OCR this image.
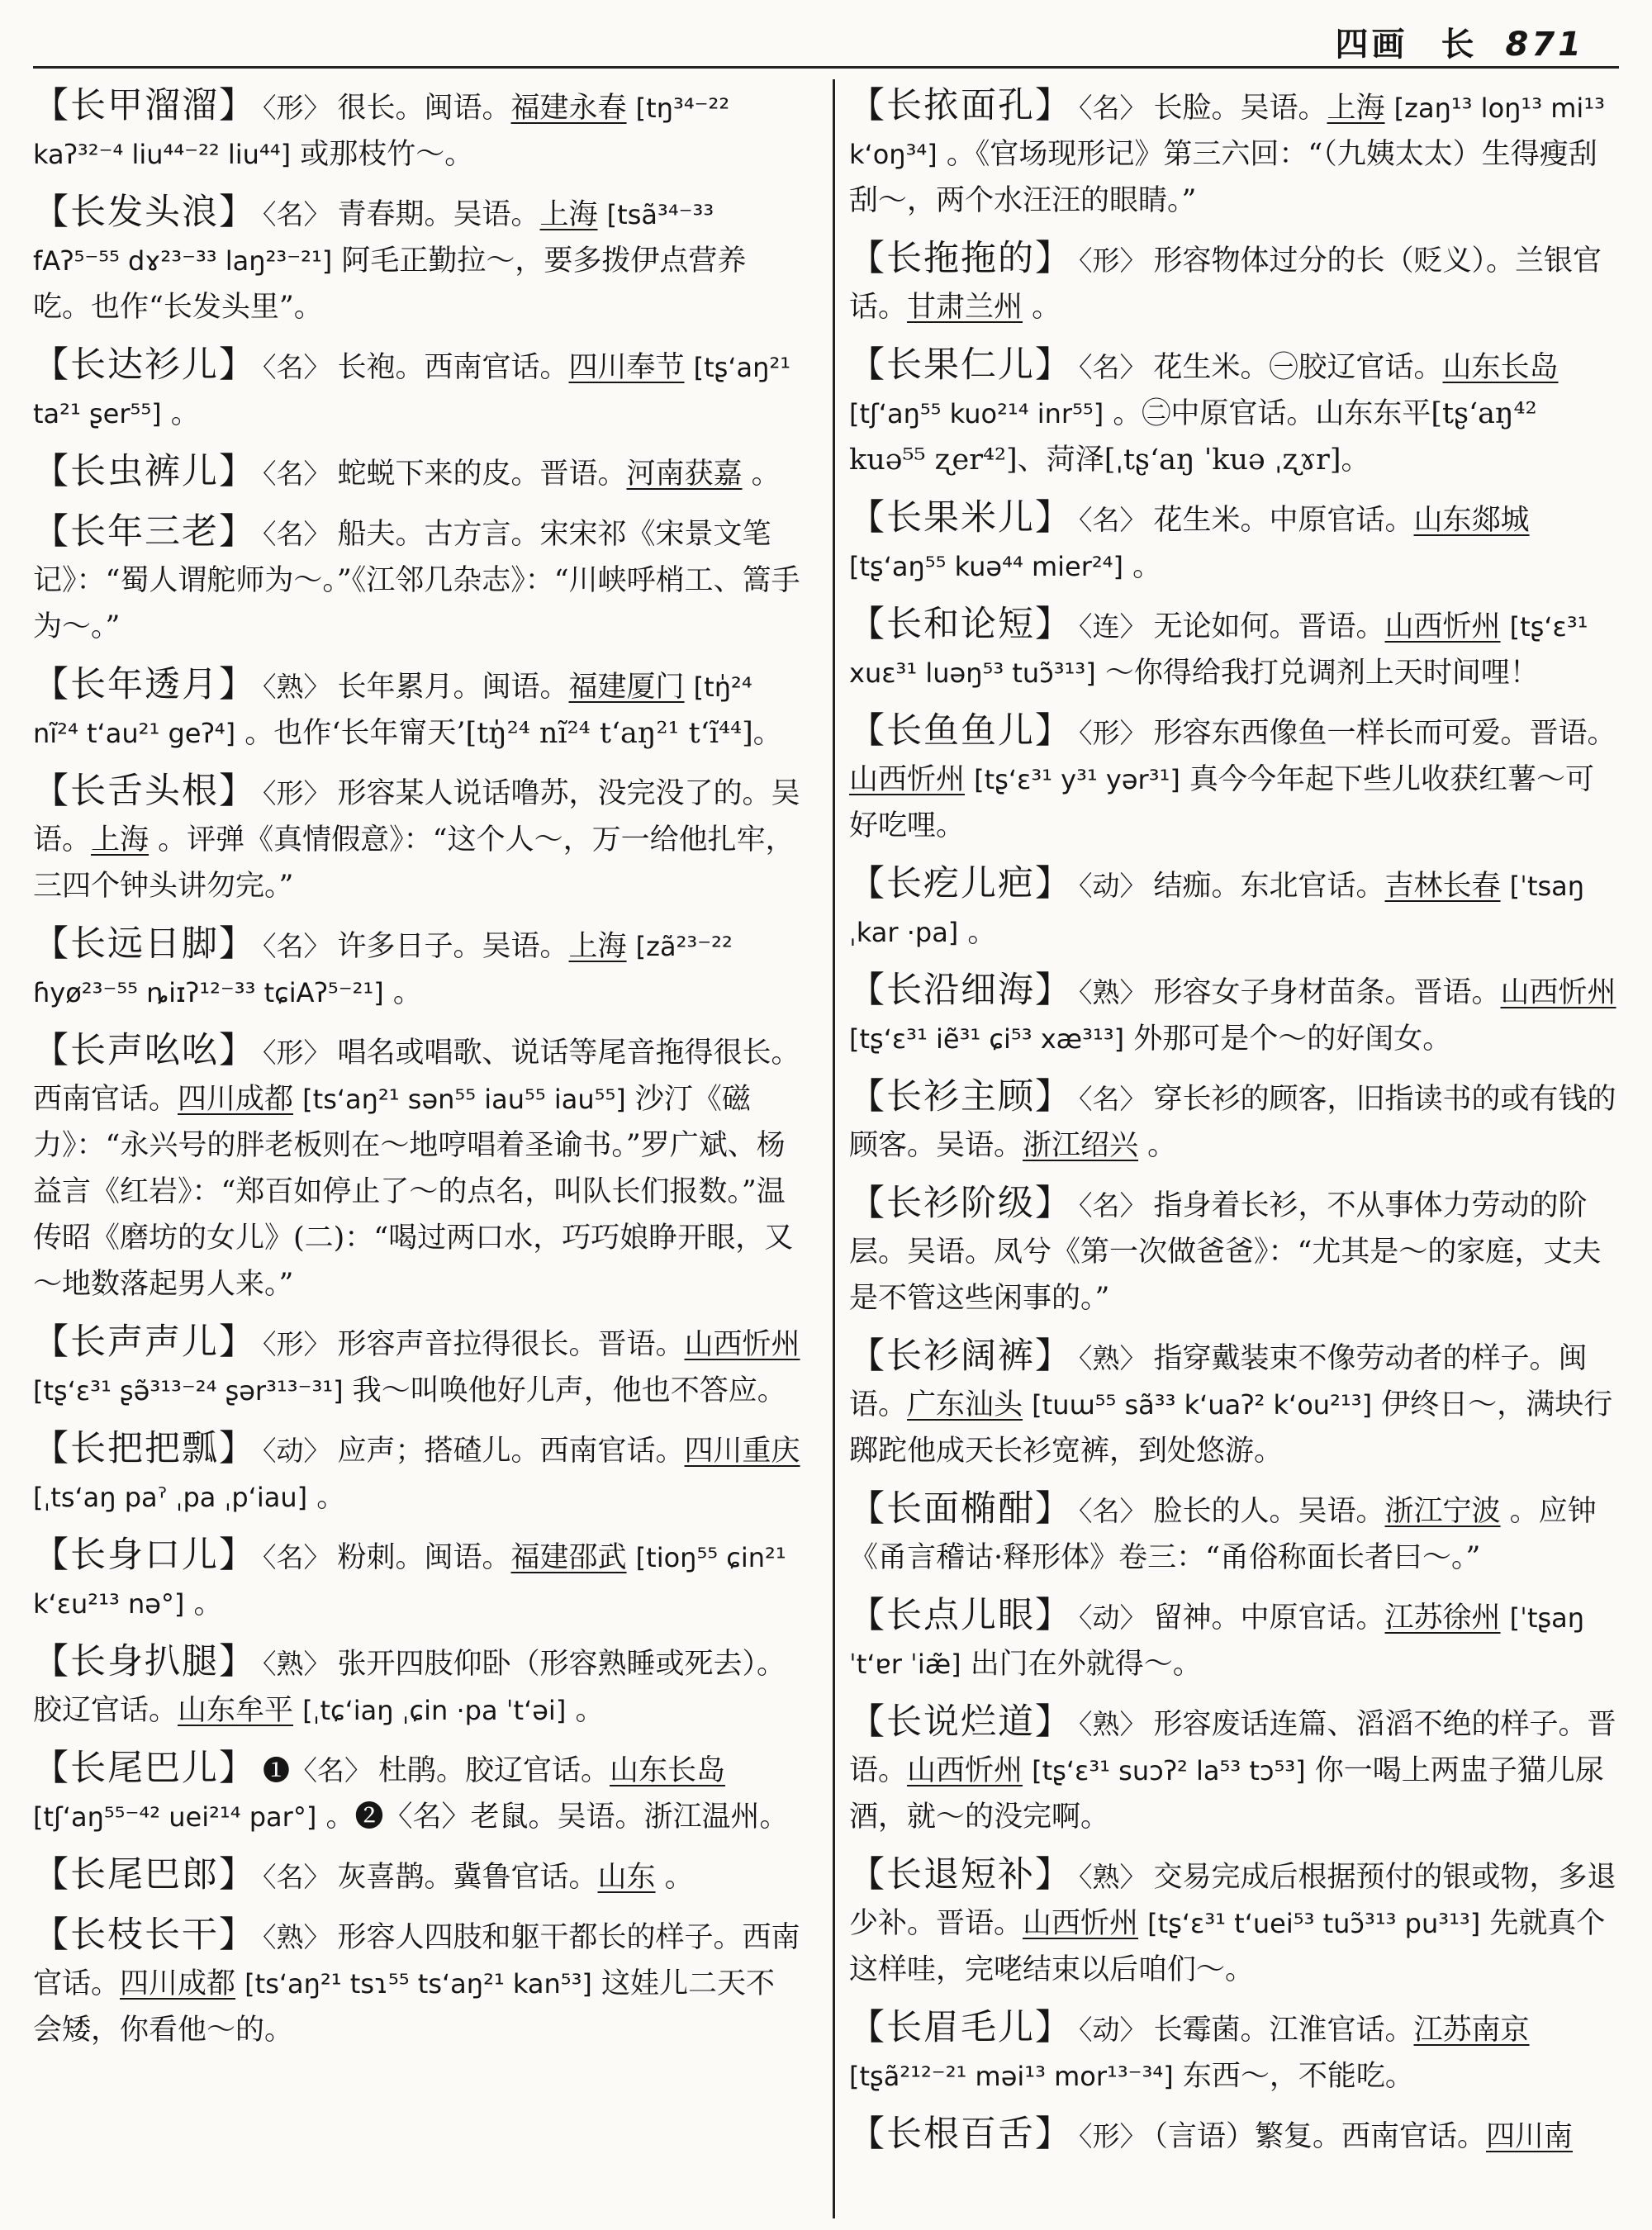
四画 长 871
【长甲溜溜】 〈形〉 很长。闽语。福建永春 [tŋ³⁴⁻²² kaʔ³²⁻⁴ liu⁴⁴⁻²² liu⁴⁴] 或那枝竹～。
【长发头浪】 〈名〉 青春期。吴语。上海 [tsã³⁴⁻³³ fAʔ⁵⁻⁵⁵ dɤ²³⁻³³ laŋ²³⁻²¹] 阿毛正勤拉～，要多拨伊点营养吃。也作“长发头里”。
【长达衫儿】 〈名〉 长袍。西南官话。四川奉节 [tʂʻaŋ²¹ ta²¹ ʂer⁵⁵] 。
【长虫裤儿】 〈名〉 蛇蜕下来的皮。晋语。河南获嘉 。
【长年三老】 〈名〉 船夫。古方言。宋宋祁《宋景文笔记》：“蜀人谓舵师为～。”《江邻几杂志》：“川峡呼梢工、篙手为～。”
【长年透月】 〈熟〉 长年累月。闽语。福建厦门 [tŋ̍²⁴ nĩ²⁴ tʻau²¹ geʔ⁴] 。也作‘长年甯天’[tŋ̍²⁴ nĩ²⁴ tʻaŋ²¹ tʻĩ⁴⁴]。
【长舌头根】 〈形〉 形容某人说话噜苏，没完没了的。吴语。上海 。评弹《真情假意》：“这个人～，万一给他扎牢，三四个钟头讲勿完。”
【长远日脚】 〈名〉 许多日子。吴语。上海 [zã²³⁻²² ɦyø²³⁻⁵⁵ ȵiɪʔ¹²⁻³³ tɕiAʔ⁵⁻²¹] 。
【长声吆吆】 〈形〉 唱名或唱歌、说话等尾音拖得很长。西南官话。四川成都 [tsʻaŋ²¹ sən⁵⁵ iau⁵⁵ iau⁵⁵] 沙汀《磁力》：“永兴号的胖老板则在～地哼唱着圣谕书。”罗广斌、杨益言《红岩》：“郑百如停止了～的点名，叫队长们报数。”温传昭《磨坊的女儿》(二)：“喝过两口水，巧巧娘睁开眼，又～地数落起男人来。”
【长声声儿】 〈形〉 形容声音拉得很长。晋语。山西忻州 [tʂʻɛ³¹ ʂə̃³¹³⁻²⁴ ʂər³¹³⁻³¹] 我～叫唤他好儿声，他也不答应。
【长把把瓢】 〈动〉 应声；搭碴儿。西南官话。四川重庆 [ˌtsʻaŋ paˀ ˌpa ˌpʻiau] 。
【长身口儿】 〈名〉 粉刺。闽语。福建邵武 [tioŋ⁵⁵ ɕin²¹ kʻɛu²¹³ nə°] 。
【长身扒腿】 〈熟〉 张开四肢仰卧（形容熟睡或死去）。胶辽官话。山东牟平 [ˌtɕʻiaŋ ˌɕin ·pa ˈtʻəi] 。
【长尾巴儿】 ❶〈名〉 杜鹃。胶辽官话。山东长岛 [tʃʻaŋ⁵⁵⁻⁴² uei²¹⁴ par°] 。❷〈名〉老鼠。吴语。浙江温州。
【长尾巴郎】 〈名〉 灰喜鹊。冀鲁官话。山东 。
【长枝长干】 〈熟〉 形容人四肢和躯干都长的样子。西南官话。四川成都 [tsʻaŋ²¹ tsɿ⁵⁵ tsʻaŋ²¹ kan⁵³] 这娃儿二天不会矮，你看他～的。
【长挔面孔】 〈名〉 长脸。吴语。上海 [zaŋ¹³ loŋ¹³ mi¹³ kʻoŋ³⁴] 。《官场现形记》第三六回：“（九姨太太）生得瘦刮刮～，两个水汪汪的眼睛。”
【长拖拖的】 〈形〉 形容物体过分的长（贬义）。兰银官话。甘肃兰州 。
【长果仁儿】 〈名〉 花生米。㊀胶辽官话。山东长岛 [tʃʻaŋ⁵⁵ kuo²¹⁴ inr⁵⁵] 。㊁中原官话。山东东平[tʂʻaŋ⁴² kuə⁵⁵ ʐer⁴²]、菏泽[ˌtʂʻaŋ ˈkuə ˌʐɤr]。
【长果米儿】 〈名〉 花生米。中原官话。山东郯城 [tʂʻaŋ⁵⁵ kuə⁴⁴ mier²⁴] 。
【长和论短】 〈连〉 无论如何。晋语。山西忻州 [tʂʻɛ³¹ xuɛ³¹ luəŋ⁵³ tuɔ̃³¹³] ～你得给我打兑调剂上天时间哩！
【长鱼鱼儿】 〈形〉 形容东西像鱼一样长而可爱。晋语。山西忻州 [tʂʻɛ³¹ y³¹ yər³¹] 真今今年起下些儿收获红薯～可好吃哩。
【长疙儿疤】 〈动〉 结痂。东北官话。吉林长春 [ˈtsaŋ ˌkar ·pa] 。
【长沿细海】 〈熟〉 形容女子身材苗条。晋语。山西忻州 [tʂʻɛ³¹ iẽ³¹ ɕi⁵³ xæ³¹³] 外那可是个～的好闺女。
【长衫主顾】 〈名〉 穿长衫的顾客，旧指读书的或有钱的顾客。吴语。浙江绍兴 。
【长衫阶级】 〈名〉 指身着长衫，不从事体力劳动的阶层。吴语。凤兮《第一次做爸爸》：“尤其是～的家庭，丈夫是不管这些闲事的。”
【长衫阔裤】 〈熟〉 指穿戴装束不像劳动者的样子。闽语。广东汕头 [tuɯ⁵⁵ sã³³ kʻuaʔ² kʻou²¹³] 伊终日～，满块行踯跎他成天长衫宽裤，到处悠游。
【长面椭酣】 〈名〉 脸长的人。吴语。浙江宁波 。应钟《甬言稽诂·释形体》卷三：“甬俗称面长者曰～。”
【长点儿眼】 〈动〉 留神。中原官话。江苏徐州 [ˈtʂaŋ ˈtʻɐr ˈiæ̃] 出门在外就得～。
【长说烂道】 〈熟〉 形容废话连篇、滔滔不绝的样子。晋语。山西忻州 [tʂʻɛ³¹ suɔʔ² la⁵³ tɔ⁵³] 你一喝上两盅子猫儿尿酒，就～的没完啊。
【长退短补】 〈熟〉 交易完成后根据预付的银或物，多退少补。晋语。山西忻州 [tʂʻɛ³¹ tʻuei⁵³ tuɔ̃³¹³ pu³¹³] 先就真个这样哇，完咾结束以后咱们～。
【长眉毛儿】 〈动〉 长霉菌。江淮官话。江苏南京 [tʂã²¹²⁻²¹ məi¹³ mor¹³⁻³⁴] 东西～，不能吃。
【长根百舌】 〈形〉 （言语）繁复。西南官话。四川南
